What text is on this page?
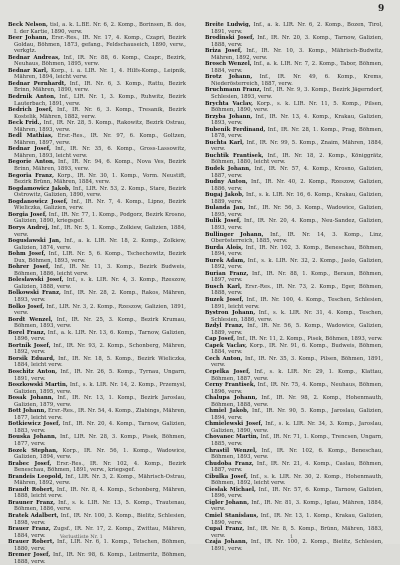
9

Beck Nelson, tisl, a. k. L.BE. Nr. 6, 2. Komp., Borinsen, B. dos, I. der Kartie, 1890, verw.

Beer Johann, Ersr.-Res., IR. Nr. 17, 4. Komp., Czapri, Bezirk Goldau, Böhmen, 1873, gefang., Feldschauseich, 1890, verw., verkgtz.

Bednar Andreas, Inf., IR. Nr. 88, 6. Komp., Czapr., Bezirk, Neuhaus, Böhmen, 1895, verw.

Bednar Karl, Korp., i. a. LIR. Nr. 1, 4. Hilfs-Komp., Leipnik, Mähren, 1894, leicht verw.

Bednar Pernhardt, Inf., IR. Nr. 6, 3. Komp., Rattu, Bezirk Brinn, Mähren, 1890, verw.

Bedrnik Anton, Inf., LIR. Nr. 1, 3. Komp., Ruhwitz, Bezirk Lauterbach, 1891, verw.

Bedrich Josef, Inf., IR. Nr. 6, 3. Komp., Tresanik, Bezirk Kostelik, Mähren, 1882, verw.

Beck Frid., Inf., IR. Nr. 28, 5. Komp., Rakowitz, Bezirk Ostrau, Mähren, 1893, verw.

Bedl Mathias, Ersr.-Res., IR. Nr. 97, 6. Komp., Goltzen, Mähren, 1897, verw.

Bednar Josef, Inf., IR. Nr. 35, 6. Komp., Gross-Lassowitz, Mähren, 1893, leicht verw.

Begorie Anton, Inf., IR. Nr. 94, 6. Komp., Nova Ves, Bezirk Brinn, Mähren, 1893, verw.

Begoria Franz, Korp., IR. Nr. 30, 1. Komp., Vorm. Neustift, Bezirk Brünn, Mähren, 1884, verw.

Bogdamowicz Jakob, Inf., LIR. Nr. 53, 2. Komp., Stare, Bezirk Ostrowitz, Galizien, 1890, verw.

Bogdanowicz Josef, Inf., IR. Nr. 7, 4. Komp., Lipno, Bezirk Wieliczka, Galizien, verw.

Borgia Josef, Inf., IR. Nr. 77, 1. Komp., Podgorz, Bezirk Krosno, Galizien, 1890, kriegsgef.

Borys Andrej, Inf., IR. Nr. 5, 1. Komp., Zolkiew, Galizien, 1884, verw.

Boguslawski Jan, Inf., a. k. LIR. Nr. 18, 2. Komp., Zolkiew, Galizien, 1874, verw.

Bohm Josef, Inf., LIR. Nr. 5, 6. Komp., Tschechowitz, Bezirk Dux, Böhmen, 1893, verw.

Bohrer Josef, Inf., IR. Nr. 11, 3. Komp., Bezirk Budweis, Böhmen, 1886, leicht verw.

Boleslawski Josef, Inf., s. k. LIR. Nr. 4, 3. Komp., Rzeszow, Galizien, 1888, verw.

Bolkowski Franz, Inf., IR. Nr. 28, 2. Komp., Rakos, Mähren, 1893, verw.

Bolko Josef, Inf., LIR. Nr. 3, 2. Komp., Rzeszow, Galizien, 1891, verw.

Bordt Wenzel, Inf., IR. Nr. 25, 3. Komp., Bezirk Krumau, Böhmen, 1893, verw.

Borel Franz, Inf., a. k. LIR. Nr. 13, 6. Komp., Tarnow, Galizien, 1896, verw.

Bortnik Josef, Inf., IR. Nr. 93, 2. Komp., Schonberg, Mähren, 1892, verw.

Borsik Eduard, Inf., IR. Nr. 18, 5. Komp., Bezirk Wieliczka, 1884, leicht verw.

Boschitz Anton, Inf., IR. Nr. 26, 5. Komp., Tyrnau, Ungarn, 1891, verw.

Boszkowski Martin, Inf., s. k. LIR. Nr. 14, 2. Komp., Przemysl, Galizien, 1895, verw.

Bosak Johann, Inf., IR. Nr. 13, 1. Komp., Bezirk Jaroslau, Galizien, 1879, verw.

Bott Johann, Ersr.-Res., IR. Nr. 54, 4. Komp., Zlabings, Mähren, 1877, leicht verw.

Botkiewicz Josef, Inf., IR. Nr. 20, 4. Komp., Tarnow, Galizien, 1883, verw.

Bouska Johann, Inf., LIR. Nr. 28, 3. Komp., Pisek, Böhmen, 1877, verw.

Bozek Stephan, Korp., IR. Nr. 56, 1. Komp., Wadowice, Galizien, 1894, verw.

Brabec Josef, Ersr.-Res., IR. Nr. 102, 4. Komp., Bezirk Beneschau, Böhmen, 1891, verw., kriegsgef.

Brandeis Leopold, Inf., LIR. Nr. 3, 2. Komp., Mährisch-Ostrau, Mähren, 1892, verw.

Brandt Robert, Inf., IR. Nr. 8, 4. Komp., Schonberg, Mähren, 1888, leicht verw.

Brauner Franz, Inf., s. k. LIR. Nr. 13, 5. Komp., Trautenau, Böhmen, 1886, verw.

Bratek Adalbert, Inf., IR. Nr. 100, 3. Komp., Bielitz, Schlesien, 1898, verw.

Brauer Franz, Zugsf., IR. Nr. 17, 2. Komp., Zwittau, Mähren, 1884, verw.

Brauer Robert, Inf., LIR. Nr. 6, 1. Komp., Tetschen, Böhmen, 1880, verw.

Bremer Josef, Inf., IR. Nr. 98, 6. Komp., Leitmeritz, Böhmen, 1888, verw.

Breite Ludwig, Inf., a. k. LIR. Nr. 6, 2. Komp., Bozen, Tirol, 1891, verw.

Brodinski Josef, Inf., IR. Nr. 20, 3. Komp., Tarnow, Galizien, 1888, verw.

Briza Josef, Inf., IR. Nr. 10, 3. Komp., Mährisch-Budwitz, Mähren, 1892, verw.

Brosch Wenzel, Inf., a. k. LIR. Nr. 7, 2. Komp., Tabor, Böhmen, 1884, verw.

Brotz Johann, Inf., IR. Nr. 49, 6. Komp., Krems, Niederösterreich, 1887, verw.

Bruchmann Franz, Inf., IR. Nr. 9, 3. Komp., Bezirk Jägerndorf, Schlesien, 1893, verw.

Brychta Vaclav, Korp., s. k. LIR. Nr. 11, 5. Komp., Pilsen, Böhmen, 1890, verw.

Brzyba Johann, Inf., IR. Nr. 13, 4. Komp., Krakau, Galizien, 1893, verw.

Bubenik Ferdinand, Inf., IR. Nr. 28, 1. Komp., Prag, Böhmen, 1878, verw.

Buchta Karl, Inf., IR. Nr. 99, 5. Komp., Znaim, Mähren, 1884, verw.

Buchtik Frantisek, Inf., IR. Nr. 18, 2. Komp., Königgrätz, Böhmen, 1880, leicht verw.

Budek Johann, Inf., IR. Nr. 57, 4. Komp., Krosno, Galizien, 1887, verw.

Budny Anton, Inf., IR. Nr. 40, 2. Komp., Rzeszow, Galizien, 1886, verw.

Bugaj Jakob, Inf., s. k. LIR. Nr. 16, 6. Komp., Krakau, Galizien, 1889, verw.

Bulanda Jan, Inf., IR. Nr. 56, 3. Komp., Wadowice, Galizien, 1895, verw.

Bulik Josef, Inf., IR. Nr. 20, 4. Komp., Neu-Sandez, Galizien, 1893, verw.

Bullinger Johann, Inf., IR. Nr. 14, 3. Komp., Linz, Oberösterreich, 1885, verw.

Burda Alois, Inf., IR. Nr. 102, 3. Komp., Beneschau, Böhmen, 1894, verw.

Burek Adam, Inf., s. k. LIR. Nr. 32, 2. Komp., Jaslo, Galizien, 1892, verw.

Burian Franz, Inf., IR. Nr. 88, 1. Komp., Beraun, Böhmen, 1897, verw.

Busch Karl, Ersr.-Res., IR. Nr. 73, 2. Komp., Eger, Böhmen, 1888, verw.

Buzek Josef, Inf., IR. Nr. 100, 4. Komp., Teschen, Schlesien, 1891, leicht verw.

Bystron Johann, Inf., s. k. LIR. Nr. 31, 4. Komp., Teschen, Schlesien, 1886, verw.

Bzdyl Franz, Inf., IR. Nr. 56, 5. Komp., Wadowice, Galizien, 1889, verw.

Cap Josef, Inf., IR. Nr. 11, 2. Komp., Pisek, Böhmen, 1893, verw.

Capek Vaclav, Korp., IR. Nr. 91, 6. Komp., Budweis, Böhmen, 1884, verw.

Cech Anton, Inf., IR. Nr. 35, 3. Komp., Pilsen, Böhmen, 1891, verw.

Cepelka Josef, Inf., s. k. LIR. Nr. 29, 1. Komp., Klattau, Böhmen, 1887, verw.

Cerny Frantisek, Inf., IR. Nr. 75, 4. Komp., Neuhaus, Böhmen, 1896, verw.

Chalupa Johann, Inf., IR. Nr. 98, 2. Komp., Hohenmauth, Böhmen, 1888, verw.

Chmiel Jakob, Inf., IR. Nr. 90, 5. Komp., Jaroslau, Galizien, 1894, verw.

Chmielewski Josef, Inf., s. k. LIR. Nr. 34, 3. Komp., Jaroslau, Galizien, 1890, verw.

Chovanec Martin, Inf., IR. Nr. 71, 1. Komp., Trencsen, Ungarn, 1885, verw.

Chrastil Wenzel, Inf., IR. Nr. 102, 6. Komp., Beneschau, Böhmen, 1893, verw.

Chudoba Franz, Inf., IR. Nr. 21, 4. Komp., Caslau, Böhmen, 1887, verw.

Cibulka Josef, Inf., s. k. LIR. Nr. 30, 2. Komp., Hohenmauth, Böhmen, 1892, leicht verw.

Cieslak Michael, Inf., IR. Nr. 57, 6. Komp., Tarnow, Galizien, 1896, verw.

Cigler Johann, Inf., IR. Nr. 81, 3. Komp., Iglau, Mähren, 1884, verw.

Cmiel Stanislaus, Inf., IR. Nr. 13, 1. Komp., Krakau, Galizien, 1890, verw.

Cupal Franz, Inf., IR. Nr. 8, 5. Komp., Brünn, Mähren, 1883, verw.

Czaja Johann, Inf., IR. Nr. 100, 2. Komp., Bielitz, Schlesien, 1891, verw.

Verlustliste Nr. 1	1
